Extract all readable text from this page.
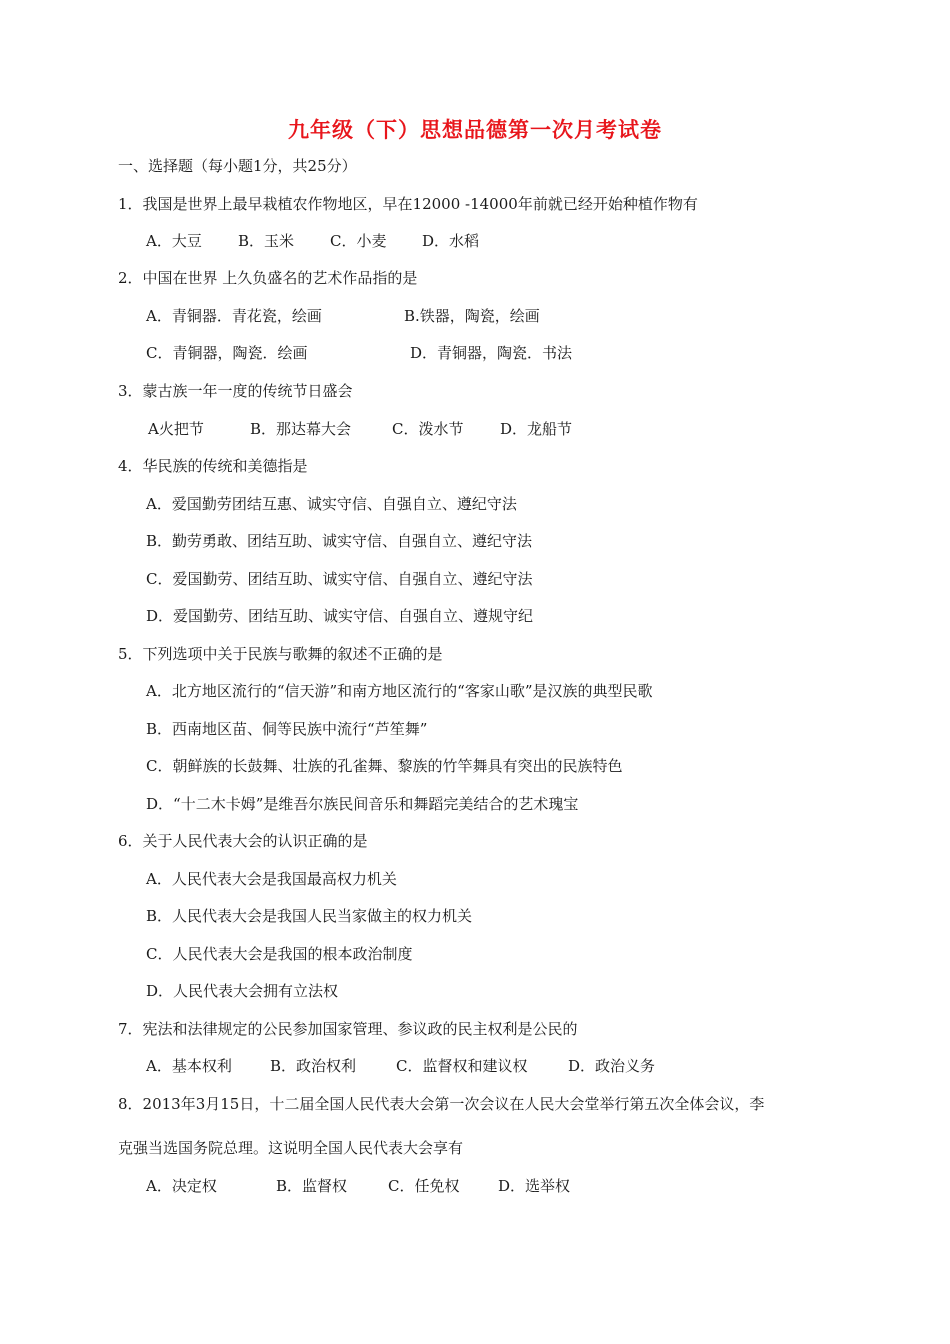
九年级（下）思想品德第一次月考试卷
一、选择题（每小题1分，共25分）
1．我国是世界上最早栽植农作物地区，早在12000 -14000年前就已经开始种植作物有
A．大豆 B．玉米 C．小麦 D．水稻
2．中国在世界 上久负盛名的艺术作品指的是
A．青铜器．青花瓷，绘画	B.铁器，陶瓷，绘画
C．青铜器，陶瓷．绘画	D．青铜器，陶瓷．书法
3．蒙古族一年一度的传统节日盛会
A火把节	B．那达幕大会	C．泼水节 D．龙船节
4．华民族的传统和美德指是
A．爱国勤劳团结互惠、诚实守信、自强自立、遵纪守法
B．勤劳勇敢、团结互助、诚实守信、自强自立、遵纪守法
C．爱国勤劳、团结互助、诚实守信、自强自立、遵纪守法
D．爱国勤劳、团结互助、诚实守信、自强自立、遵规守纪
5．下列选项中关于民族与歌舞的叙述不正确的是
A．北方地区流行的“信天游”和南方地区流行的“客家山歌”是汉族的典型民歌
B．西南地区苗、侗等民族中流行“芦笙舞”
C．朝鲜族的长鼓舞、壮族的孔雀舞、黎族的竹竿舞具有突出的民族特色
D．“十二木卡姆”是维吾尔族民间音乐和舞蹈完美结合的艺术瑰宝
6．关于人民代表大会的认识正确的是
A．人民代表大会是我国最高权力机关
B．人民代表大会是我国人民当家做主的权力机关
C．人民代表大会是我国的根本政治制度
D．人民代表大会拥有立法权
7．宪法和法律规定的公民参加国家管理、参议政的民主权利是公民的
A．基本权利	B．政治权利	C．监督权和建议权	D．政治义务
8．2013年3月15日，十二届全国人民代表大会第一次会议在人民大会堂举行第五次全体会议，李
克强当选国务院总理。这说明全国人民代表大会享有
A．决定权	B．监督权	C．任免权	D．选举权
